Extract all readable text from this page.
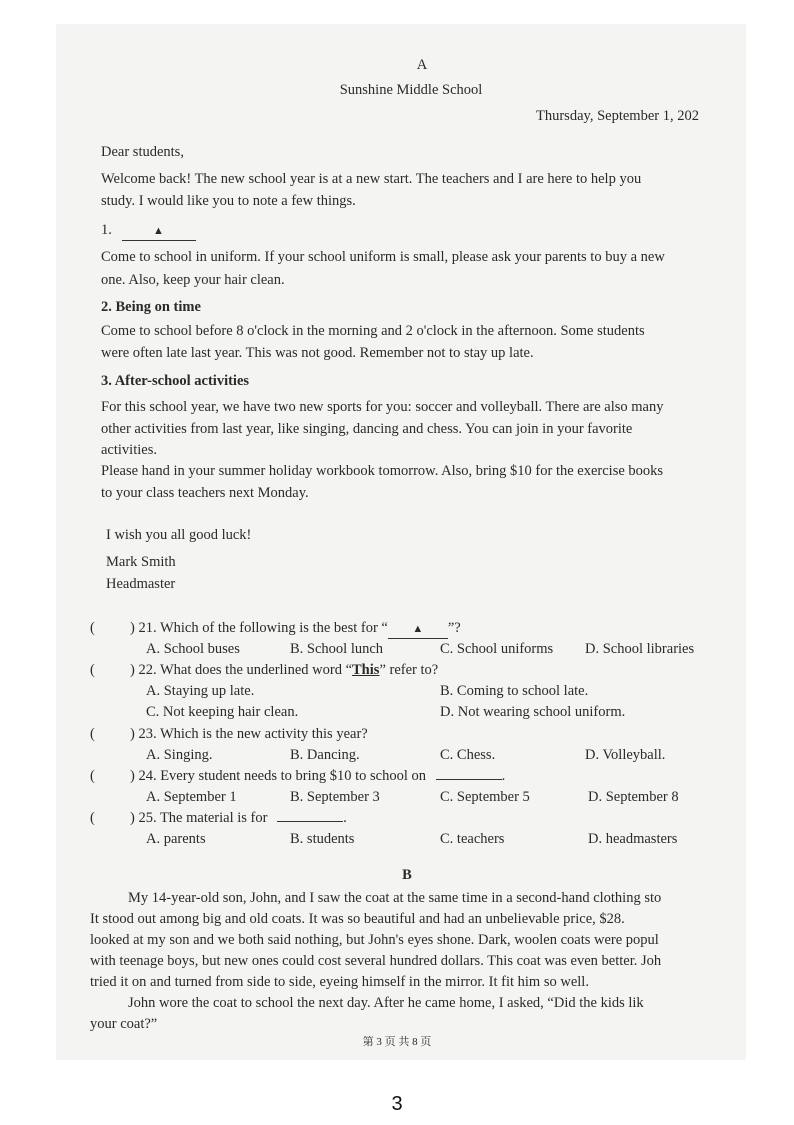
A
Sunshine Middle School
Thursday, September 1, 202
Dear students,
Welcome back! The new school year is at a new start. The teachers and I are here to help you
study. I would like you to note a few things.
1.	▲
Come to school in uniform. If your school uniform is small, please ask your parents to buy a new
one. Also, keep your hair clean.
2. Being on time
Come to school before 8 o'clock in the morning and 2 o'clock in the afternoon. Some students
were often late last year. This was not good. Remember not to stay up late.
3. After-school activities
For this school year, we have two new sports for you: soccer and volleyball. There are also many
other activities from last year, like singing, dancing and chess. You can join in your favorite
activities.
Please hand in your summer holiday workbook tomorrow. Also, bring $10 for the exercise books
to your class teachers next Monday.
I wish you all good luck!
Mark Smith
Headmaster
( ) 21. Which of the following is the best for “ ▲ ”?
A. School buses	B. School lunch	C. School uniforms D. School libraries
( ) 22. What does the underlined word “This” refer to?
A. Staying up late.	B. Coming to school late.
C. Not keeping hair clean.	D. Not wearing school uniform.
( ) 23. Which is the new activity this year?
A. Singing.	B. Dancing.	C. Chess.	D. Volleyball.
( ) 24. Every student needs to bring $10 to school on	.
A. September 1	B. September 3	C. September 5	D. September 8
( ) 25. The material is for	.
A. parents	B. students	C. teachers	D. headmasters
B
My 14-year-old son, John, and I saw the coat at the same time in a second-hand clothing sto
It stood out among big and old coats. It was so beautiful and had an unbelievable price, $28.
looked at my son and we both said nothing, but John's eyes shone. Dark, woolen coats were popul
with teenage boys, but new ones could cost several hundred dollars. This coat was even better. Joh
tried it on and turned from side to side, eyeing himself in the mirror. It fit him so well.
John wore the coat to school the next day. After he came home, I asked, “Did the kids lik
your coat?”
第 3 页 共 8 页
3
